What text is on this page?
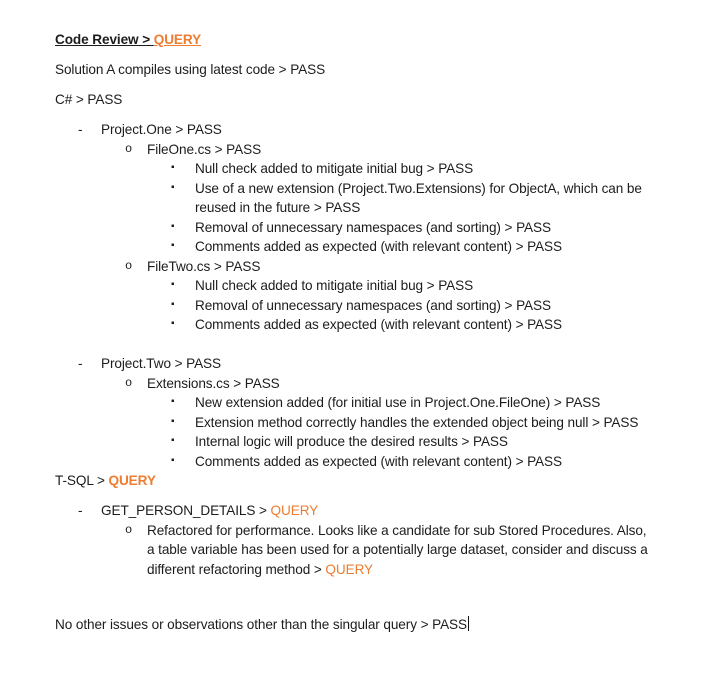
Code Review > QUERY
Solution A compiles using latest code > PASS
C# > PASS
- Project.One > PASS
o FileOne.cs > PASS
▪ Null check added to mitigate initial bug > PASS
▪ Use of a new extension (Project.Two.Extensions) for ObjectA, which can be
reused in the future > PASS
▪ Removal of unnecessary namespaces (and sorting) > PASS
▪ Comments added as expected (with relevant content) > PASS
o FileTwo.cs > PASS
▪ Null check added to mitigate initial bug > PASS
▪ Removal of unnecessary namespaces (and sorting) > PASS
▪ Comments added as expected (with relevant content) > PASS
- Project.Two > PASS
o Extensions.cs > PASS
▪ New extension added (for initial use in Project.One.FileOne) > PASS
▪ Extension method correctly handles the extended object being null > PASS
▪ Internal logic will produce the desired results > PASS
▪ Comments added as expected (with relevant content) > PASS
T-SQL > QUERY
- GET_PERSON_DETAILS > QUERY
o Refactored for performance. Looks like a candidate for sub Stored Procedures. Also,
a table variable has been used for a potentially large dataset, consider and discuss a
different refactoring method > QUERY
No other issues or observations other than the singular query > PASS
